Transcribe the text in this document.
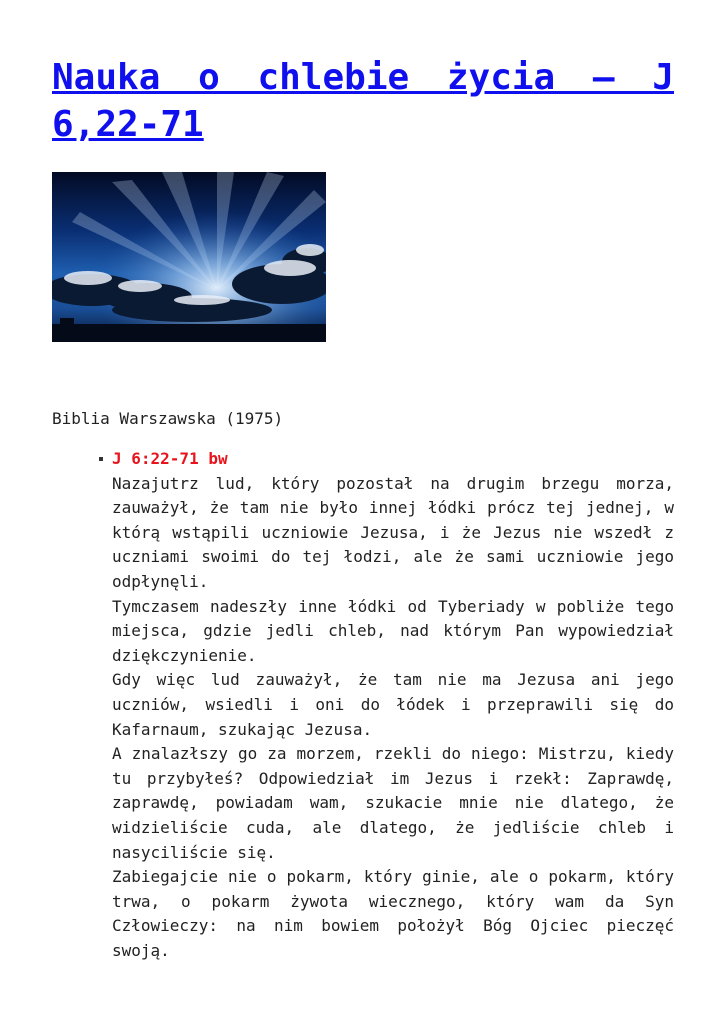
Nauka o chlebie życia – J 6,22-71

Biblia Warszawska (1975)

J 6:22-71 bw

Nazajutrz lud, który pozostał na drugim brzegu morza, zauważył, że tam nie było innej łódki prócz tej jednej, w którą wstąpili uczniowie Jezusa, i że Jezus nie wszedł z uczniami swoimi do tej łodzi, ale że sami uczniowie jego odpłynęli.

Tymczasem nadeszły inne łódki od Tyberiady w pobliże tego miejsca, gdzie jedli chleb, nad którym Pan wypowiedział dziękczynienie.

Gdy więc lud zauważył, że tam nie ma Jezusa ani jego uczniów, wsiedli i oni do łódek i przeprawili się do Kafarnaum, szukając Jezusa.

A znalazłszy go za morzem, rzekli do niego: Mistrzu, kiedy tu przybyłeś? Odpowiedział im Jezus i rzekł: Zaprawdę, zaprawdę, powiadam wam, szukacie mnie nie dlatego, że widzieliście cuda, ale dlatego, że jedliście chleb i nasyciliście się.

Zabiegajcie nie o pokarm, który ginie, ale o pokarm, który trwa, o pokarm żywota wiecznego, który wam da Syn Człowieczy: na nim bowiem położył Bóg Ojciec pieczęć swoją.
